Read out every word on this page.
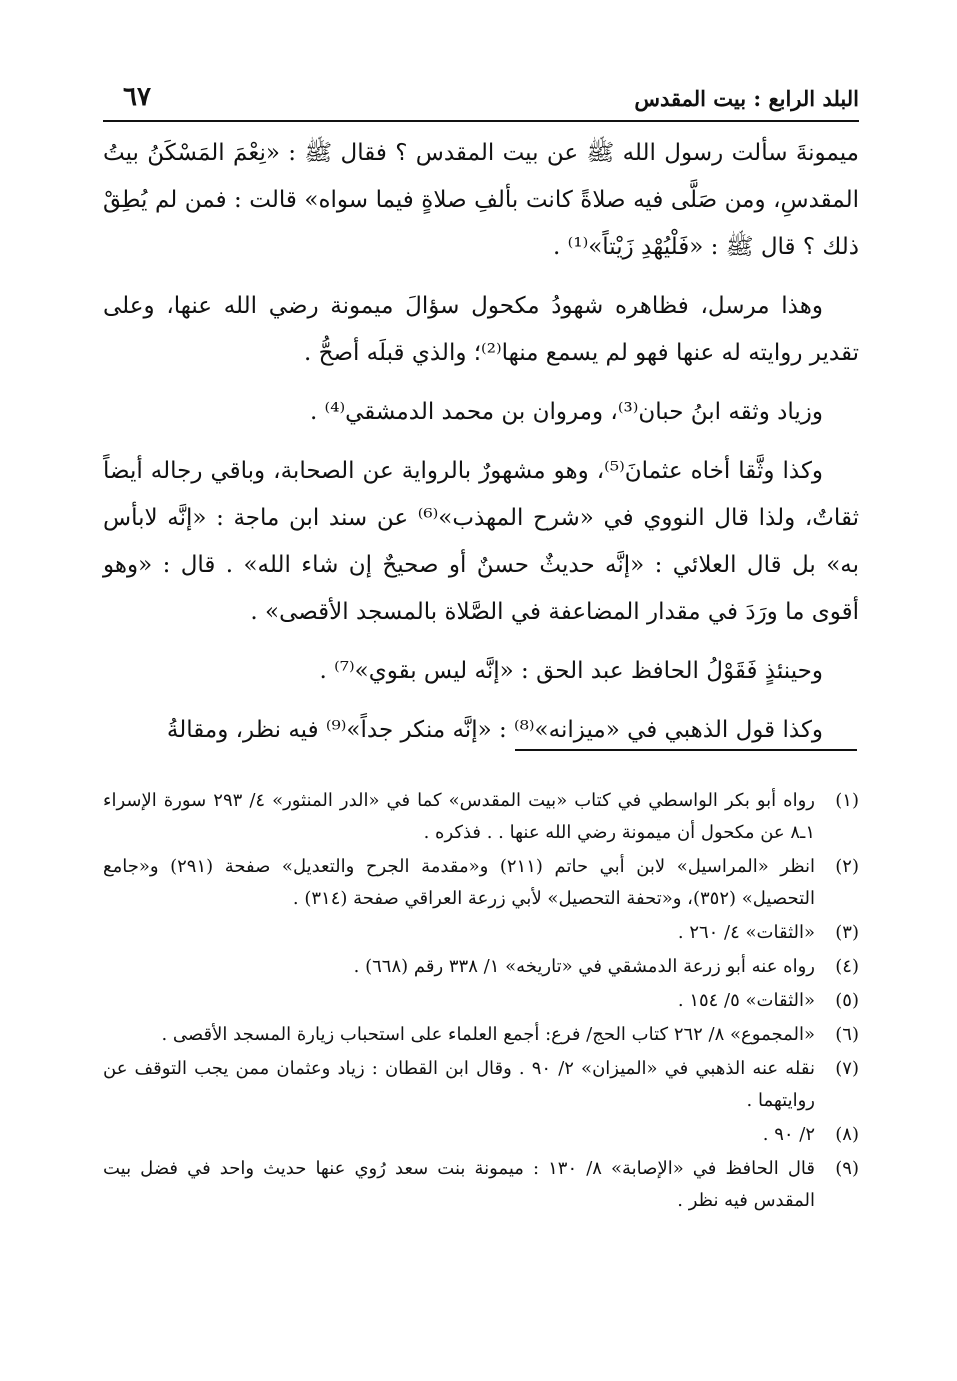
البلد الرابع : بيت المقدس
٦٧

ميمونةَ سألت رسول الله ﷺ عن بيت المقدس ؟ فقال ﷺ : «نِعْمَ المَسْكَنُ بيتُ المقدسِ، ومن صَلَّى فيه صلاةً كانت بألفِ صلاةٍ فيما سواه» قالت : فمن لم يُطِقْ ذلك ؟ قال ﷺ : «فَلْيُهْدِ زَيْتاً»⁽¹⁾ .

وهذا مرسل، فظاهره شهودُ مكحول سؤالَ ميمونة رضي الله عنها، وعلى تقدير روايته له عنها فهو لم يسمع منها⁽²⁾؛ والذي قبلَه أصحُّ .

وزياد وثقه ابنُ حبان⁽³⁾، ومروان بن محمد الدمشقي⁽⁴⁾ .

وكذا وثَّقا أخاه عثمانَ⁽⁵⁾، وهو مشهورٌ بالرواية عن الصحابة، وباقي رجاله أيضاً ثقاتٌ، ولذا قال النووي في «شرح المهذب»⁽⁶⁾ عن سند ابن ماجة : «إنَّه لابأس به» بل قال العلائي : «إنَّه حديثٌ حسنٌ أو صحيحٌ إن شاء الله» . قال : «وهو أقوى ما ورَدَ في مقدار المضاعفة في الصَّلاة بالمسجد الأقصى» .

وحينئذٍ فَقَوْلُ الحافظ عبد الحق : «إنَّه ليس بقوي»⁽⁷⁾ .

وكذا قول الذهبي في «ميزانه»⁽⁸⁾ : «إنَّه منكر جداً»⁽⁹⁾ فيه نظر، ومقالةُ

(١)
رواه أبو بكر الواسطي في كتاب «بيت المقدس» كما في «الدر المنثور» ٤/ ٢٩٣ سورة الإسراء ١ـ٨ عن مكحول أن ميمونة رضي الله عنها . . فذكره .
(٢)
انظر «المراسيل» لابن أبي حاتم (٢١١) و«مقدمة الجرح والتعديل» صفحة (٢٩١) و«جامع التحصيل» (٣٥٢)، و«تحفة التحصيل» لأبي زرعة العراقي صفحة (٣١٤) .
(٣)
«الثقات» ٤/ ٢٦٠ .
(٤)
رواه عنه أبو زرعة الدمشقي في «تاريخه» ١/ ٣٣٨ رقم (٦٦٨) .
(٥)
«الثقات» ٥/ ١٥٤ .
(٦)
«المجموع» ٨/ ٢٦٢ كتاب الحج/ فرع: أجمع العلماء على استحباب زيارة المسجد الأقصى .
(٧)
نقله عنه الذهبي في «الميزان» ٢/ ٩٠ . وقال ابن القطان : زياد وعثمان ممن يجب التوقف عن روايتهما .
(٨)
٢/ ٩٠ .
(٩)
قال الحافظ في «الإصابة» ٨/ ١٣٠ : ميمونة بنت سعد رُوي عنها حديث واحد في فضل بيت المقدس فيه نظر .
